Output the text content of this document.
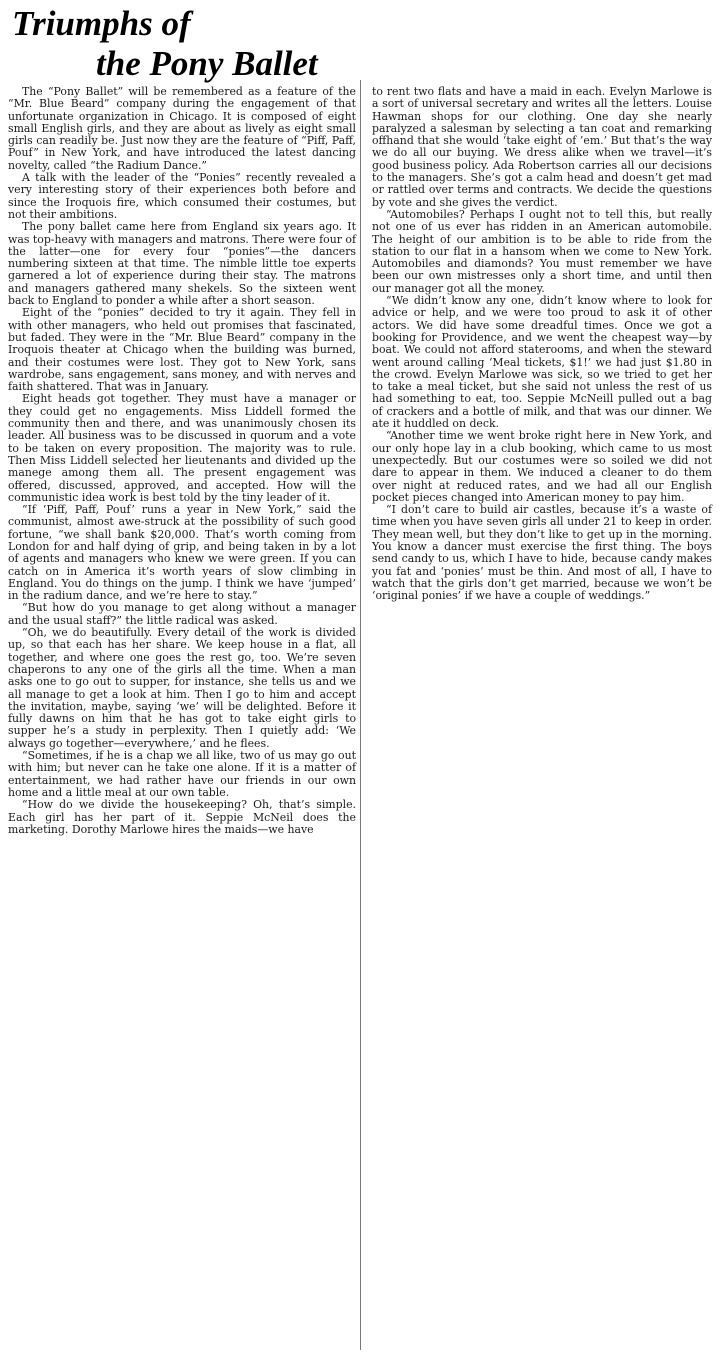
Triumphs of
the Pony Ballet

The “Pony Ballet” will be remembered as a feature of the “Mr. Blue Beard” company during the engagement of that unfortunate organization in Chicago. It is composed of eight small English girls, and they are about as lively as eight small girls can readily be. Just now they are the feature of “Piff, Paff, Pouf” in New York, and have introduced the latest dancing novelty, called “the Radium Dance.”

A talk with the leader of the “Ponies” recently revealed a very interesting story of their experiences both before and since the Iroquois fire, which consumed their costumes, but not their ambitions.

The pony ballet came here from England six years ago. It was top-heavy with managers and matrons. There were four of the latter—one for every four “ponies”—the dancers numbering sixteen at that time. The nimble little toe experts garnered a lot of experience during their stay. The matrons and managers gathered many shekels. So the sixteen went back to England to ponder a while after a short season.

Eight of the “ponies” decided to try it again. They fell in with other managers, who held out promises that fascinated, but faded. They were in the “Mr. Blue Beard” company in the Iroquois theater at Chicago when the building was burned, and their costumes were lost. They got to New York, sans wardrobe, sans engagement, sans money, and with nerves and faith shattered. That was in January.

Eight heads got together. They must have a manager or they could get no engagements. Miss Liddell formed the community then and there, and was unanimously chosen its leader. All business was to be discussed in quorum and a vote to be taken on every proposition. The majority was to rule. Then Miss Liddell selected her lieutenants and divided up the manege among them all. The present engagement was offered, discussed, approved, and accepted. How will the communistic idea work is best told by the tiny leader of it.

“If ‘Piff, Paff, Pouf’ runs a year in New York,” said the communist, almost awe-struck at the possibility of such good fortune, “we shall bank $20,000. That’s worth coming from London for and half dying of grip, and being taken in by a lot of agents and managers who knew we were green. If you can catch on in America it’s worth years of slow climbing in England. You do things on the jump. I think we have ‘jumped’ in the radium dance, and we’re here to stay.”

“But how do you manage to get along without a manager and the usual staff?” the little radical was asked.

“Oh, we do beautifully. Every detail of the work is divided up, so that each has her share. We keep house in a flat, all together, and where one goes the rest go, too. We’re seven chaperons to any one of the girls all the time. When a man asks one to go out to supper, for instance, she tells us and we all manage to get a look at him. Then I go to him and accept the invitation, maybe, saying ‘we’ will be delighted. Before it fully dawns on him that he has got to take eight girls to supper he’s a study in perplexity. Then I quietly add: ‘We always go together—everywhere,’ and he flees.

“Sometimes, if he is a chap we all like, two of us may go out with him; but never can he take one alone. If it is a matter of entertainment, we had rather have our friends in our own home and a little meal at our own table.

“How do we divide the housekeeping? Oh, that’s simple. Each girl has her part of it. Seppie McNeil does the marketing. Dorothy Marlowe hires the maids—we have

to rent two flats and have a maid in each. Evelyn Marlowe is a sort of universal secretary and writes all the letters. Louise Hawman shops for our clothing. One day she nearly paralyzed a salesman by selecting a tan coat and remarking offhand that she would ‘take eight of ’em.’ But that’s the way we do all our buying. We dress alike when we travel—it’s good business policy. Ada Robertson carries all our decisions to the managers. She’s got a calm head and doesn’t get mad or rattled over terms and contracts. We decide the questions by vote and she gives the verdict.

“Automobiles? Perhaps I ought not to tell this, but really not one of us ever has ridden in an American automobile. The height of our ambition is to be able to ride from the station to our flat in a hansom when we come to New York. Automobiles and diamonds? You must remember we have been our own mistresses only a short time, and until then our manager got all the money.

“We didn’t know any one, didn’t know where to look for advice or help, and we were too proud to ask it of other actors. We did have some dreadful times. Once we got a booking for Providence, and we went the cheapest way—by boat. We could not afford staterooms, and when the steward went around calling ‘Meal tickets, $1!’ we had just $1.80 in the crowd. Evelyn Marlowe was sick, so we tried to get her to take a meal ticket, but she said not unless the rest of us had something to eat, too. Seppie McNeill pulled out a bag of crackers and a bottle of milk, and that was our dinner. We ate it huddled on deck.

“Another time we went broke right here in New York, and our only hope lay in a club booking, which came to us most unexpectedly. But our costumes were so soiled we did not dare to appear in them. We induced a cleaner to do them over night at reduced rates, and we had all our English pocket pieces changed into American money to pay him.

“I don’t care to build air castles, because it’s a waste of time when you have seven girls all under 21 to keep in order. They mean well, but they don’t like to get up in the morning. You know a dancer must exercise the first thing. The boys send candy to us, which I have to hide, because candy makes you fat and ‘ponies’ must be thin. And most of all, I have to watch that the girls don’t get married, because we won’t be ‘original ponies’ if we have a couple of weddings.”
